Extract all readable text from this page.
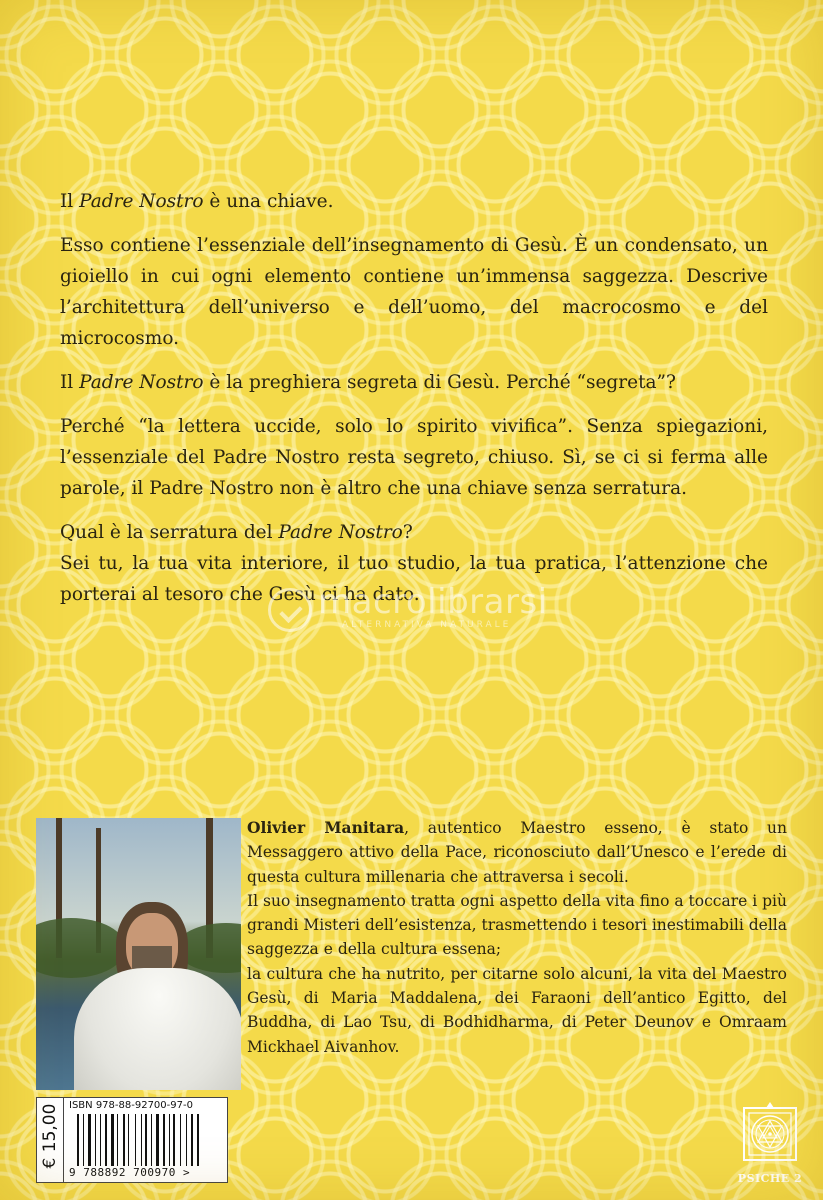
Il Padre Nostro è una chiave.

Esso contiene l’essenziale dell’insegnamento di Gesù. È un condensato, un gioiello in cui ogni elemento contiene un’immensa saggezza. Descrive l’architettura dell’universo e dell’uomo, del macrocosmo e del microcosmo.

Il Padre Nostro è la preghiera segreta di Gesù. Perché “segreta”?

Perché “la lettera uccide, solo lo spirito vivifica”. Senza spiegazioni, l’essenziale del Padre Nostro resta segreto, chiuso. Sì, se ci si ferma alle parole, il Padre Nostro non è altro che una chiave senza serratura.

Qual è la serratura del Padre Nostro?

Sei tu, la tua vita interiore, il tuo studio, la tua pratica, l’attenzione che porterai al tesoro che Gesù ci ha dato.

macrolibrarsi
ALTERNATIVA NATURALE

Olivier Manitara, autentico Maestro esseno, è stato un Messaggero attivo della Pace, riconosciuto dall’Unesco e l’erede di questa cultura millenaria che attraversa i secoli.

Il suo insegnamento tratta ogni aspetto della vita fino a toccare i più grandi Misteri dell’esistenza, trasmettendo i tesori inestimabili della saggezza e della cultura essena;

la cultura che ha nutrito, per citarne solo alcuni, la vita del Maestro Gesù, di Maria Maddalena, dei Faraoni dell’antico Egitto, del Buddha, di Lao Tsu, di Bodhidharma, di Peter Deunov e Omraam Mickhael Aivanhov.

€ 15,00 ISBN 978-88-92700-97-0
9 788892 700970 >	PSICHE 2
